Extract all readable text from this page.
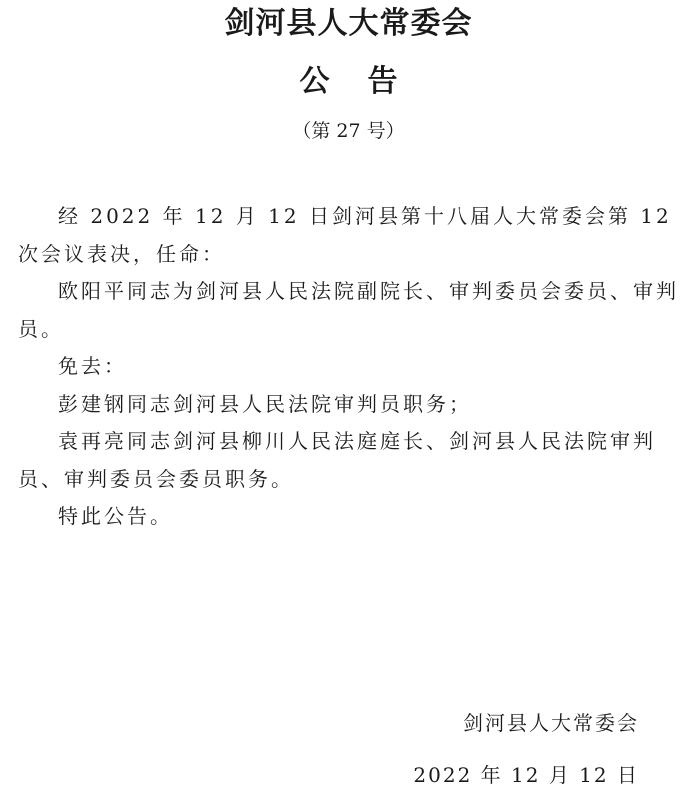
剑河县人大常委会
公告
（第 27 号）

经 2022 年 12 月 12 日剑河县第十八届人大常委会第 12 次会议表决，任命：

欧阳平同志为剑河县人民法院副院长、审判委员会委员、审判员。

免去：

彭建钢同志剑河县人民法院审判员职务；

袁再亮同志剑河县柳川人民法庭庭长、剑河县人民法院审判员、审判委员会委员职务。

特此公告。

剑河县人大常委会
2022 年 12 月 12 日
